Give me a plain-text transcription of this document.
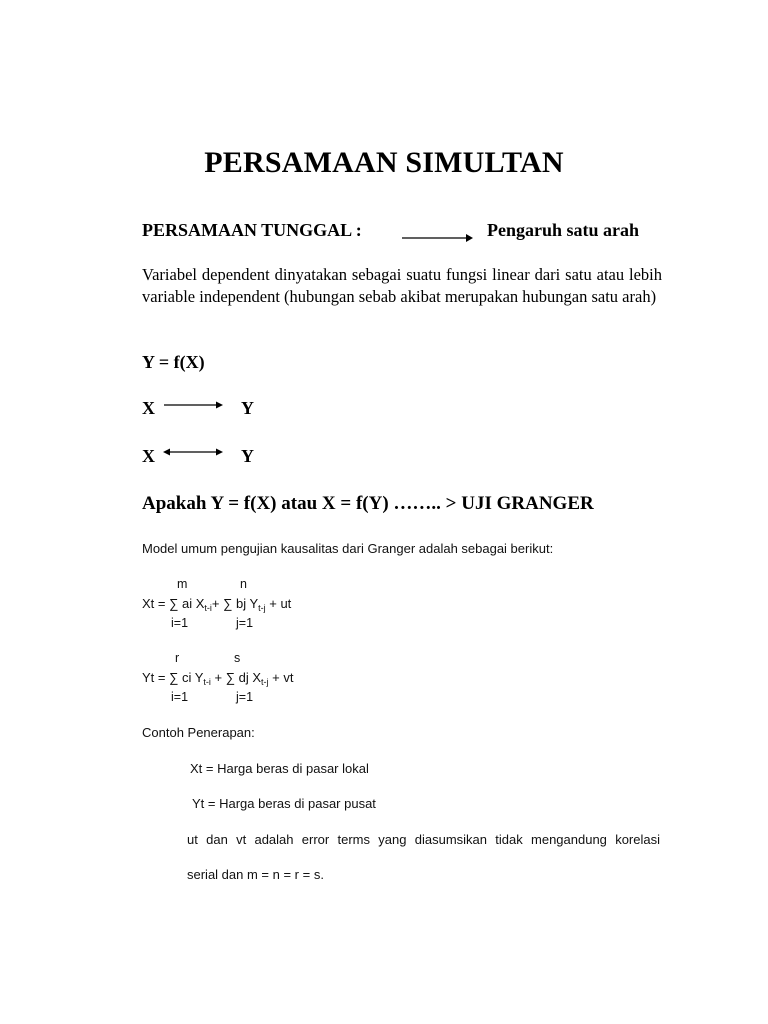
PERSAMAAN SIMULTAN
PERSAMAAN TUNGGAL :	Pengaruh satu arah
Variabel dependent dinyatakan sebagai suatu fungsi linear dari satu atau lebih variable independent (hubungan sebab akibat merupakan hubungan satu arah)
Y = f(X)
X	Y
X	Y
Apakah Y = f(X) atau X = f(Y) …….. > UJI GRANGER
Model umum pengujian kausalitas dari Granger adalah sebagai berikut:
m	n
Xt = ∑ ai $X_{t-i}+$ ∑ bj $Y_{t-j}$ + ut
i=1	j=1
r	s
Yt = ∑ ci $Y_{t-i}$ + ∑ dj $X_{t-j}$ + vt
i=1	j=1
Contoh Penerapan:
Xt = Harga beras di pasar lokal
Yt = Harga beras di pasar pusat
ut dan vt adalah error terms yang diasumsikan tidak mengandung korelasi
serial dan m = n = r = s.
